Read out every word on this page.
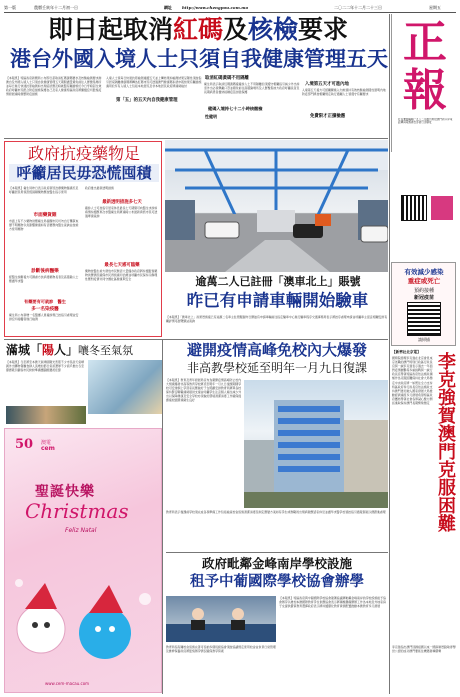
第一版	農曆壬寅年十二月初一日	網址	http://www.chengpou.com.mo	二〇二二年十二月二十三日	星期五
即日起取消紅碼及核檢要求
港台外國入境人士只須自我健康管理五天
【本報訊】特區政府新聞局公布即日起取消紅碼黃碼要求及核酸檢測要求港澳台及外國入境人士只須自我健康管理五天期間盡量避免前往人群聚集場所並每日進行快速抗原檢測如出現症狀應及時就醫有關措施於今日零時起生效政府呼籲市民配合防疫措施保護自己及家人健康特區政府將繼續密切監察疫情發展適時調整防疫措施
第「五」的五天內自我健康管理
入境人士須每日快速抗原檢測連續五天並上傳結果如檢測結果呈陽性須按指引居家隔離健康碼將轉為紅碼市民可透過澳門健康碼系統申報結果有關措施適用於所有入境人士包括本地居民及非本地居民政府將適時檢討
取消紅碼黃碼不用隔離
衛生局表示取消紅碼黃碼後確診人士不用隔離但須遵守相關指引減少外出如需外出必須佩戴口罩並避免前往高風險場所及人群聚集地方政府呼籲長者及長期病患者盡快接種疫苗加強保護
健碼入境持七十二小時核酸檢
入境第五天才可進內地
入境第五天後方可經關閘進入內地須持有效核酸檢測陰性證明內地防疫部門將按相關規定執行通關人士須遵守有關要求
免費限才正擴檢應
性健明
正
報
社長兼總編輯一九八二年創刊地址澳門新口岸電話傳真電郵廣告部發行部網址
政府抗疫藥物足
呼籲居民毋恐慌囤積
【本報訊】衛生局昨日表示政府新冠治療藥物儲備充足呼籲居民毋須恐慌囤積藥物應按醫生指示使用
市面藥貨雜
市面上有不少藥物供應衛生局提醒市民切勿自行購買來歷不明藥物以免影響健康如有需要應向醫生查詢並按處方使用藥物
診斷後病醫樂
經醫生診斷後方可獲處方抗病毒藥物長者及高風險人士應盡早求醫
有藥要有可就診　醫生
多一名染疫醫
衛生局公布新增一名醫護人員確診現已按指引處理並安排密切接觸者進行檢測
最新透明措施多七天
政府推出最新透明措施
確診人士可按指引居家休息最長七天期間可向醫生求診如病情持續應再次求醫衛生局將適時公布最新資訊市民可透過專線查詢
最長七天感可臨藥
藥物按醫生處方發放市民無需大量儲存政府將持續監察藥物供應情況確保市民得到適切治療並呼籲市民保持冷靜理性應對疫情共同守護社區健康與安全	逾萬二人已註冊「澳車北上」賬號
昨已有申請車輛開始驗車
【本報訊】「澳車北上」政策實施後已有逾萬二名車主註冊賬號昨日開始有申請車輛前往指定驗車中心進行驗車程序交通事務局表示將按序處理申請並呼籲車主留意相關安排有關詳情可瀏覽網站查詢
滿城「陽人」嚷冬至氣氛
【本報訊】冬至將至本澳天氣晴朗陽光普照不少市民趁天氣晴朗外出購物餐廳食肆人流增加節日氣氛濃厚不少商戶推出冬至優惠吸引顧客市民紛紛準備團圓飯慶祝佳節
50 澳電
cem
聖誕快樂
Christmas
Feliz Natal
www.cem-macau.com
避開疫情高峰免校內大爆發
非高教學校延至明年一月九日復課
【本報訊】教育及青年發展局宣布為避開疫情高峰防止校內大規模爆發非高等教育學校將延至明年一月九日復課期間學校可安排網上學習家長應做好子女照顧安排教青局將與各校保持緊密聯繫適時提供支援並呼籲學生注意個人衛生減少外出以保障健康及安全學校亦須做好環境清潔消毒工作確保復課後校園環境衛生良好
教青局表示復課前學校須完成各項準備工作包括檢查校舍設施清潔消毒及制定應變方案如有學生或教職員出現病徵應留家休息並盡早求醫學校須按指引通報個案以便跟進處理
政府毗鄰金峰南岸學校設施
租予中葡國際學校協會辦學
【本報訊】特區政府與中葡國際學校協會簽署協議將毗鄰金峰南岸的學校設施租予協會辦學以增加本澳國際教育學位供應協會表示將積極籌備開辦工作為本地及外地家庭子女提供優質教育選擇政府表示將持續優化教育資源配置推動本澳教育多元發展
教青局指有關校舍設施完善可容納多個班級協會須按協議規定使用校舍並負責日常管理及維修保養政府將監察辦學情況確保教學質素
有效減少感染
重症或死亡
預約接種
新冠疫苗
請掃描
【新華社北京電】
國務院總理李克強在北京會見來京述職的澳門特別行政區行政長官賀一誠李克強表示過去一年面對疫情衝擊等多重挑戰賀一誠行政長官帶領特區政府依法施政積極作為克服困難保持社會大局穩定中央政府將一如既往全力支持特區政府和行政長官依法施政支持澳門更好融入國家發展大局推動經濟適度多元發展希望特區政府團結帶領社會各界凝心聚力開拓進取保持澳門長期繁榮穩定 李克強賀澳門克服困難
李克強指出澳門回歸祖國以來一國兩制實踐取得舉世公認的成功澳門要抓住機遇發揮優勢
